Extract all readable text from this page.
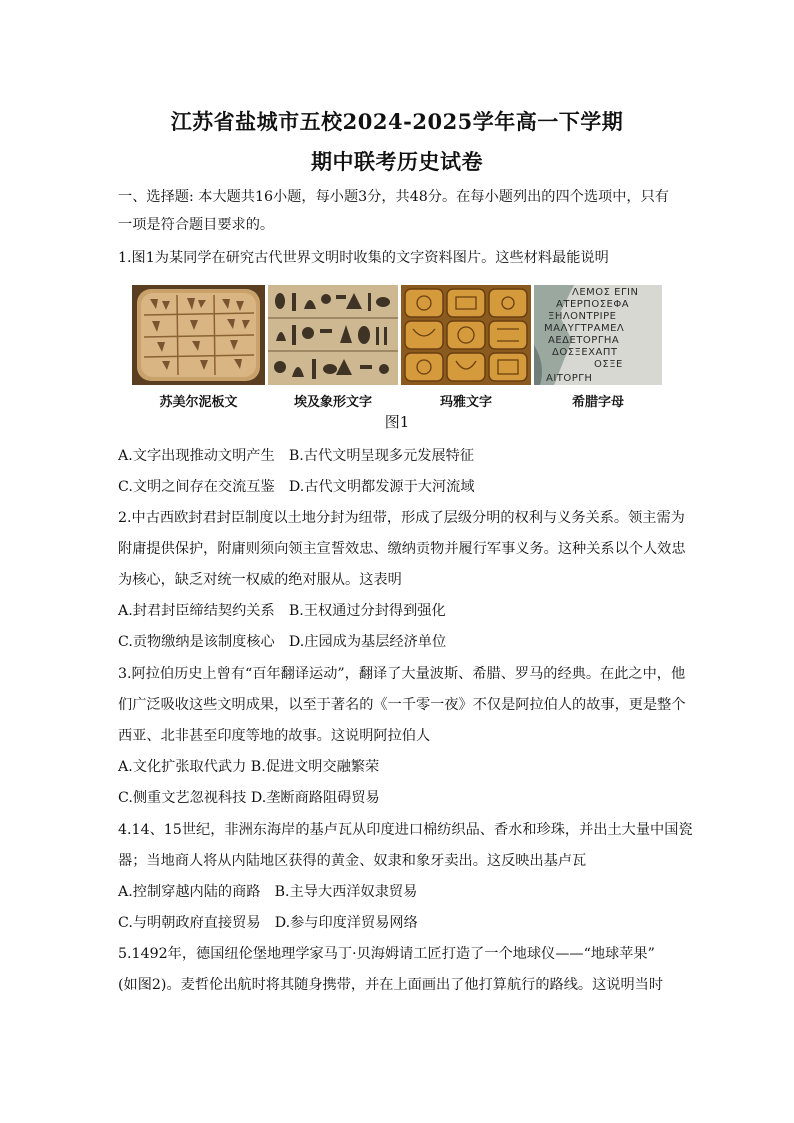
江苏省盐城市五校2024-2025学年高一下学期
期中联考历史试卷
一、选择题: 本大题共16小题，每小题3分，共48分。在每小题列出的四个选项中，只有
一项是符合题目要求的。
1.图1为某同学在研究古代世界文明时收集的文字资料图片。这些材料最能说明
ΛΕΜΟΣ ΕΓΙΝ
ΑΤΕΡΠΟΣΕΦΑ
ΞΗΛΟΝΤΡΙΡΕ
ΜΑΛΥΓΤΡΑΜΕΛ
ΑΕΔΕΤΟΡΓΗΑ
ΔΟΣΞΕΧΑΠΤ
ΟΣΞΕ
ΑΙΤΟΡΓΗ
苏美尔泥板文	埃及象形文字	玛雅文字	希腊字母
图1
A.文字出现推动文明产生　B.古代文明呈现多元发展特征
C.文明之间存在交流互鉴　D.古代文明都发源于大河流域
2.中古西欧封君封臣制度以土地分封为纽带，形成了层级分明的权利与义务关系。领主需为
附庸提供保护，附庸则须向领主宣誓效忠、缴纳贡物并履行军事义务。这种关系以个人效忠
为核心，缺乏对统一权威的绝对服从。这表明
A.封君封臣缔结契约关系　B.王权通过分封得到强化
C.贡物缴纳是该制度核心　D.庄园成为基层经济单位
3.阿拉伯历史上曾有“百年翻译运动”，翻译了大量波斯、希腊、罗马的经典。在此之中，他
们广泛吸收这些文明成果，以至于著名的《一千零一夜》不仅是阿拉伯人的故事，更是整个
西亚、北非甚至印度等地的故事。这说明阿拉伯人
A.文化扩张取代武力 B.促进文明交融繁荣
C.侧重文艺忽视科技 D.垄断商路阻碍贸易
4.14、15世纪，非洲东海岸的基卢瓦从印度进口棉纺织品、香水和珍珠，并出土大量中国瓷
器；当地商人将从内陆地区获得的黄金、奴隶和象牙卖出。这反映出基卢瓦
A.控制穿越内陆的商路　B.主导大西洋奴隶贸易
C.与明朝政府直接贸易　D.参与印度洋贸易网络
5.1492年，德国纽伦堡地理学家马丁·贝海姆请工匠打造了一个地球仪——“地球苹果”
(如图2)。麦哲伦出航时将其随身携带，并在上面画出了他打算航行的路线。这说明当时
